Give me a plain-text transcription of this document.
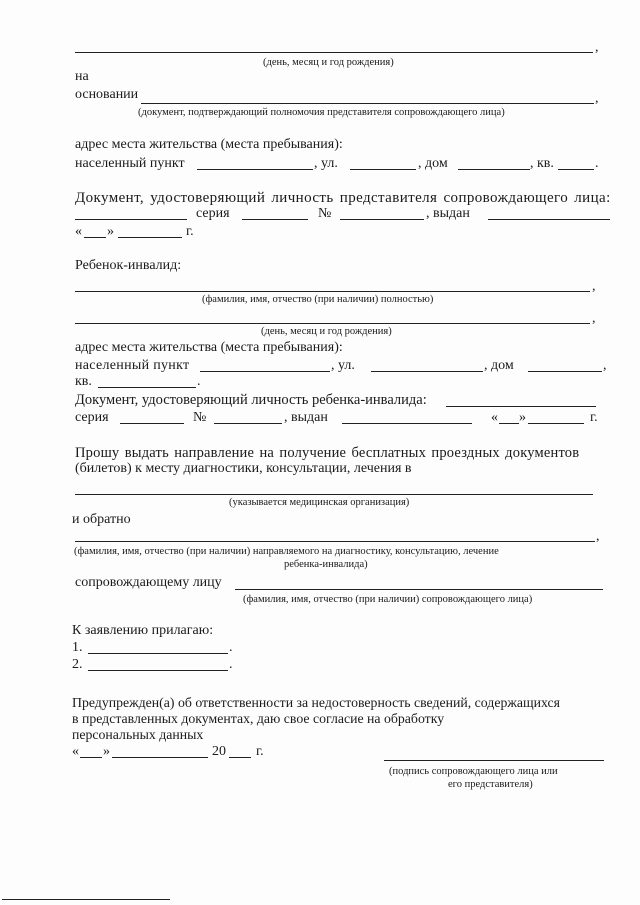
,
(день, месяц и год рождения)
на
основании	,
(документ, подтверждающий полномочия представителя сопровождающего лица)
адрес места жительства (места пребывания):
населенный пункт	, ул.	, дом	, кв.	.
Документ, удостоверяющий личность представителя сопровождающего лица:
серия	№	, выдан
« »	г.
Ребенок-инвалид:
,
(фамилия, имя, отчество (при наличии) полностью)
,
(день, месяц и год рождения)
адрес места жительства (места пребывания):
населенный пункт	, ул.	, дом	,
кв.	.
Документ, удостоверяющий личность ребенка-инвалида:
серия	№	, выдан	« »	г.
Прошу выдать направление на получение бесплатных проездных документов
(билетов) к месту диагностики, консультации, лечения в
(указывается медицинская организация)
и обратно
,
(фамилия, имя, отчество (при наличии) направляемого на диагностику, консультацию, лечение
ребенка-инвалида)
сопровождающему лицу
(фамилия, имя, отчество (при наличии) сопровождающего лица)
К заявлению прилагаю:
1.	.
2.	.
Предупрежден(а) об ответственности за недостоверность сведений, содержащихся
в представленных документах, даю свое согласие на обработку
персональных данных
« »	20 г.
(подпись сопровождающего лица или
его представителя)
